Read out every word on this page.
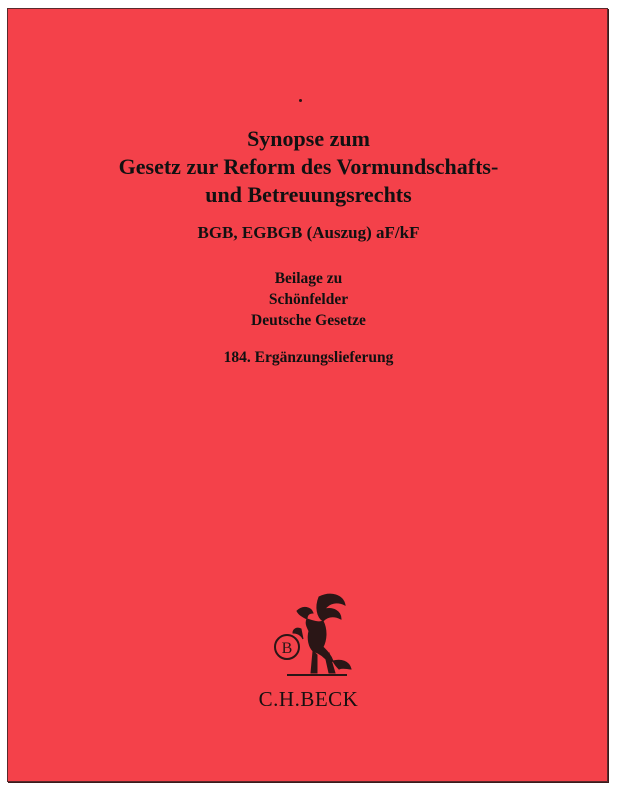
Synopse zum
Gesetz zur Reform des Vormundschafts-
und Betreuungsrechts
BGB, EGBGB (Auszug) aF/kF
Beilage zu
Schönfelder
Deutsche Gesetze
184. Ergänzungslieferung
B
C.H.BECK
